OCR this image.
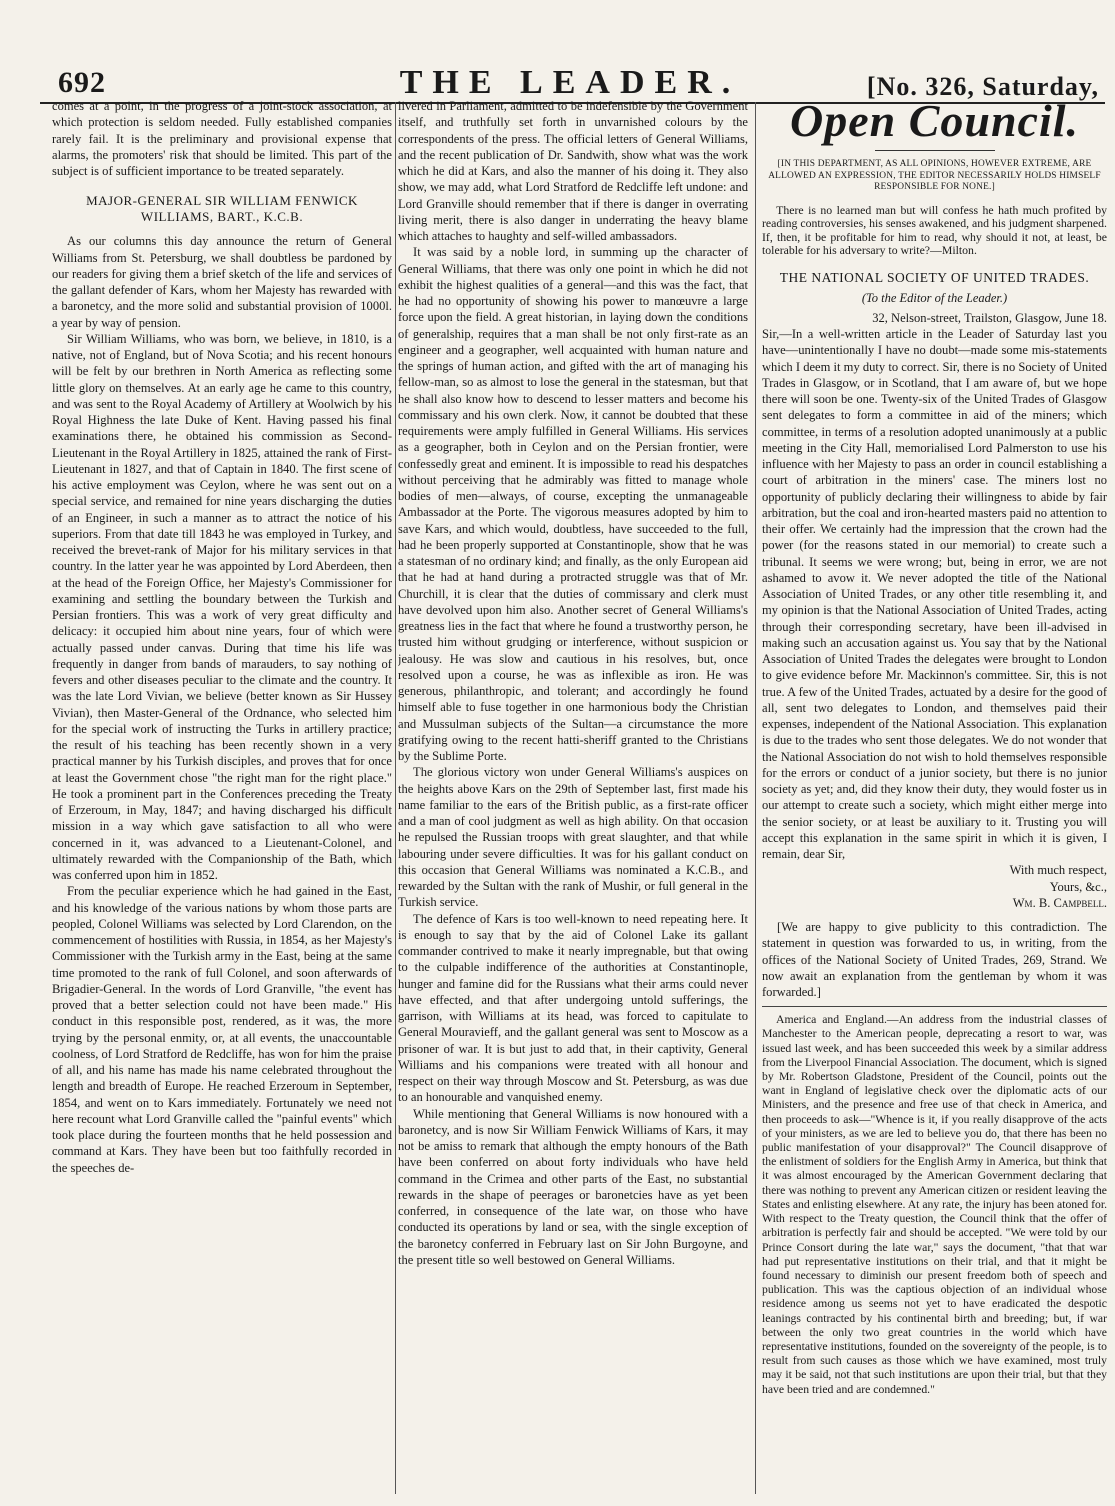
692	THE LEADER.	[No. 326, Saturday,

comes at a point, in the progress of a joint-stock association, at which protection is seldom needed. Fully established companies rarely fail. It is the preliminary and provisional expense that alarms, the promoters' risk that should be limited. This part of the subject is of sufficient importance to be treated separately.

MAJOR-GENERAL SIR WILLIAM FENWICK WILLIAMS, BART., K.C.B.

As our columns this day announce the return of General Williams from St. Petersburg, we shall doubtless be pardoned by our readers for giving them a brief sketch of the life and services of the gallant defender of Kars, whom her Majesty has rewarded with a baronetcy, and the more solid and substantial provision of 1000l. a year by way of pension.

Sir William Williams, who was born, we believe, in 1810, is a native, not of England, but of Nova Scotia; and his recent honours will be felt by our brethren in North America as reflecting some little glory on themselves. At an early age he came to this country, and was sent to the Royal Academy of Artillery at Woolwich by his Royal Highness the late Duke of Kent. Having passed his final examinations there, he obtained his commission as Second-Lieutenant in the Royal Artillery in 1825, attained the rank of First-Lieutenant in 1827, and that of Captain in 1840. The first scene of his active employment was Ceylon, where he was sent out on a special service, and remained for nine years discharging the duties of an Engineer, in such a manner as to attract the notice of his superiors. From that date till 1843 he was employed in Turkey, and received the brevet-rank of Major for his military services in that country. In the latter year he was appointed by Lord Aberdeen, then at the head of the Foreign Office, her Majesty's Commissioner for examining and settling the boundary between the Turkish and Persian frontiers. This was a work of very great difficulty and delicacy: it occupied him about nine years, four of which were actually passed under canvas. During that time his life was frequently in danger from bands of marauders, to say nothing of fevers and other diseases peculiar to the climate and the country. It was the late Lord Vivian, we believe (better known as Sir Hussey Vivian), then Master-General of the Ordnance, who selected him for the special work of instructing the Turks in artillery practice; the result of his teaching has been recently shown in a very practical manner by his Turkish disciples, and proves that for once at least the Government chose "the right man for the right place." He took a prominent part in the Conferences preceding the Treaty of Erzeroum, in May, 1847; and having discharged his difficult mission in a way which gave satisfaction to all who were concerned in it, was advanced to a Lieutenant-Colonel, and ultimately rewarded with the Companionship of the Bath, which was conferred upon him in 1852.

From the peculiar experience which he had gained in the East, and his knowledge of the various nations by whom those parts are peopled, Colonel Williams was selected by Lord Clarendon, on the commencement of hostilities with Russia, in 1854, as her Majesty's Commissioner with the Turkish army in the East, being at the same time promoted to the rank of full Colonel, and soon afterwards of Brigadier-General. In the words of Lord Granville, "the event has proved that a better selection could not have been made." His conduct in this responsible post, rendered, as it was, the more trying by the personal enmity, or, at all events, the unaccountable coolness, of Lord Stratford de Redcliffe, has won for him the praise of all, and his name has made his name celebrated throughout the length and breadth of Europe. He reached Erzeroum in September, 1854, and went on to Kars immediately. Fortunately we need not here recount what Lord Granville called the "painful events" which took place during the fourteen months that he held possession and command at Kars. They have been but too faithfully recorded in the speeches de-

livered in Parliament, admitted to be indefensible by the Government itself, and truthfully set forth in unvarnished colours by the correspondents of the press. The official letters of General Williams, and the recent publication of Dr. Sandwith, show what was the work which he did at Kars, and also the manner of his doing it. They also show, we may add, what Lord Stratford de Redcliffe left undone: and Lord Granville should remember that if there is danger in overrating living merit, there is also danger in underrating the heavy blame which attaches to haughty and self-willed ambassadors.

It was said by a noble lord, in summing up the character of General Williams, that there was only one point in which he did not exhibit the highest qualities of a general—and this was the fact, that he had no opportunity of showing his power to manœuvre a large force upon the field. A great historian, in laying down the conditions of generalship, requires that a man shall be not only first-rate as an engineer and a geographer, well acquainted with human nature and the springs of human action, and gifted with the art of managing his fellow-man, so as almost to lose the general in the statesman, but that he shall also know how to descend to lesser matters and become his commissary and his own clerk. Now, it cannot be doubted that these requirements were amply fulfilled in General Williams. His services as a geographer, both in Ceylon and on the Persian frontier, were confessedly great and eminent. It is impossible to read his despatches without perceiving that he admirably was fitted to manage whole bodies of men—always, of course, excepting the unmanageable Ambassador at the Porte. The vigorous measures adopted by him to save Kars, and which would, doubtless, have succeeded to the full, had he been properly supported at Constantinople, show that he was a statesman of no ordinary kind; and finally, as the only European aid that he had at hand during a protracted struggle was that of Mr. Churchill, it is clear that the duties of commissary and clerk must have devolved upon him also. Another secret of General Williams's greatness lies in the fact that where he found a trustworthy person, he trusted him without grudging or interference, without suspicion or jealousy. He was slow and cautious in his resolves, but, once resolved upon a course, he was as inflexible as iron. He was generous, philanthropic, and tolerant; and accordingly he found himself able to fuse together in one harmonious body the Christian and Mussulman subjects of the Sultan—a circumstance the more gratifying owing to the recent hatti-sheriff granted to the Christians by the Sublime Porte.

The glorious victory won under General Williams's auspices on the heights above Kars on the 29th of September last, first made his name familiar to the ears of the British public, as a first-rate officer and a man of cool judgment as well as high ability. On that occasion he repulsed the Russian troops with great slaughter, and that while labouring under severe difficulties. It was for his gallant conduct on this occasion that General Williams was nominated a K.C.B., and rewarded by the Sultan with the rank of Mushir, or full general in the Turkish service.

The defence of Kars is too well-known to need repeating here. It is enough to say that by the aid of Colonel Lake its gallant commander contrived to make it nearly impregnable, but that owing to the culpable indifference of the authorities at Constantinople, hunger and famine did for the Russians what their arms could never have effected, and that after undergoing untold sufferings, the garrison, with Williams at its head, was forced to capitulate to General Mouravieff, and the gallant general was sent to Moscow as a prisoner of war. It is but just to add that, in their captivity, General Williams and his companions were treated with all honour and respect on their way through Moscow and St. Petersburg, as was due to an honourable and vanquished enemy.

While mentioning that General Williams is now honoured with a baronetcy, and is now Sir William Fenwick Williams of Kars, it may not be amiss to remark that although the empty honours of the Bath have been conferred on about forty individuals who have held command in the Crimea and other parts of the East, no substantial rewards in the shape of peerages or baronetcies have as yet been conferred, in consequence of the late war, on those who have conducted its operations by land or sea, with the single exception of the baronetcy conferred in February last on Sir John Burgoyne, and the present title so well bestowed on General Williams.

Open Council.
[IN THIS DEPARTMENT, AS ALL OPINIONS, HOWEVER EXTREME, ARE ALLOWED AN EXPRESSION, THE EDITOR NECESSARILY HOLDS HIMSELF RESPONSIBLE FOR NONE.]
There is no learned man but will confess he hath much profited by reading controversies, his senses awakened, and his judgment sharpened. If, then, it be profitable for him to read, why should it not, at least, be tolerable for his adversary to write?—Milton.
THE NATIONAL SOCIETY OF UNITED TRADES.
(To the Editor of the Leader.)

32, Nelson-street, Trailston, Glasgow, June 18.

Sir,—In a well-written article in the Leader of Saturday last you have—unintentionally I have no doubt—made some mis-statements which I deem it my duty to correct. Sir, there is no Society of United Trades in Glasgow, or in Scotland, that I am aware of, but we hope there will soon be one. Twenty-six of the United Trades of Glasgow sent delegates to form a committee in aid of the miners; which committee, in terms of a resolution adopted unanimously at a public meeting in the City Hall, memorialised Lord Palmerston to use his influence with her Majesty to pass an order in council establishing a court of arbitration in the miners' case. The miners lost no opportunity of publicly declaring their willingness to abide by fair arbitration, but the coal and iron-hearted masters paid no attention to their offer. We certainly had the impression that the crown had the power (for the reasons stated in our memorial) to create such a tribunal. It seems we were wrong; but, being in error, we are not ashamed to avow it. We never adopted the title of the National Association of United Trades, or any other title resembling it, and my opinion is that the National Association of United Trades, acting through their corresponding secretary, have been ill-advised in making such an accusation against us. You say that by the National Association of United Trades the delegates were brought to London to give evidence before Mr. Mackinnon's committee. Sir, this is not true. A few of the United Trades, actuated by a desire for the good of all, sent two delegates to London, and themselves paid their expenses, independent of the National Association. This explanation is due to the trades who sent those delegates. We do not wonder that the National Association do not wish to hold themselves responsible for the errors or conduct of a junior society, but there is no junior society as yet; and, did they know their duty, they would foster us in our attempt to create such a society, which might either merge into the senior society, or at least be auxiliary to it. Trusting you will accept this explanation in the same spirit in which it is given, I remain, dear Sir,

With much respect,

Yours, &c.,

Wm. B. Campbell.

[We are happy to give publicity to this contradiction. The statement in question was forwarded to us, in writing, from the offices of the National Society of United Trades, 269, Strand. We now await an explanation from the gentleman by whom it was forwarded.]

America and England.—An address from the industrial classes of Manchester to the American people, deprecating a resort to war, was issued last week, and has been succeeded this week by a similar address from the Liverpool Financial Association. The document, which is signed by Mr. Robertson Gladstone, President of the Council, points out the want in England of legislative check over the diplomatic acts of our Ministers, and the presence and free use of that check in America, and then proceeds to ask—"Whence is it, if you really disapprove of the acts of your ministers, as we are led to believe you do, that there has been no public manifestation of your disapproval?" The Council disapprove of the enlistment of soldiers for the English Army in America, but think that it was almost encouraged by the American Government declaring that there was nothing to prevent any American citizen or resident leaving the States and enlisting elsewhere. At any rate, the injury has been atoned for. With respect to the Treaty question, the Council think that the offer of arbitration is perfectly fair and should be accepted. "We were told by our Prince Consort during the late war," says the document, "that that war had put representative institutions on their trial, and that it might be found necessary to diminish our present freedom both of speech and publication. This was the captious objection of an individual whose residence among us seems not yet to have eradicated the despotic leanings contracted by his continental birth and breeding; but, if war between the only two great countries in the world which have representative institutions, founded on the sovereignty of the people, is to result from such causes as those which we have examined, most truly may it be said, not that such institutions are upon their trial, but that they have been tried and are condemned."
